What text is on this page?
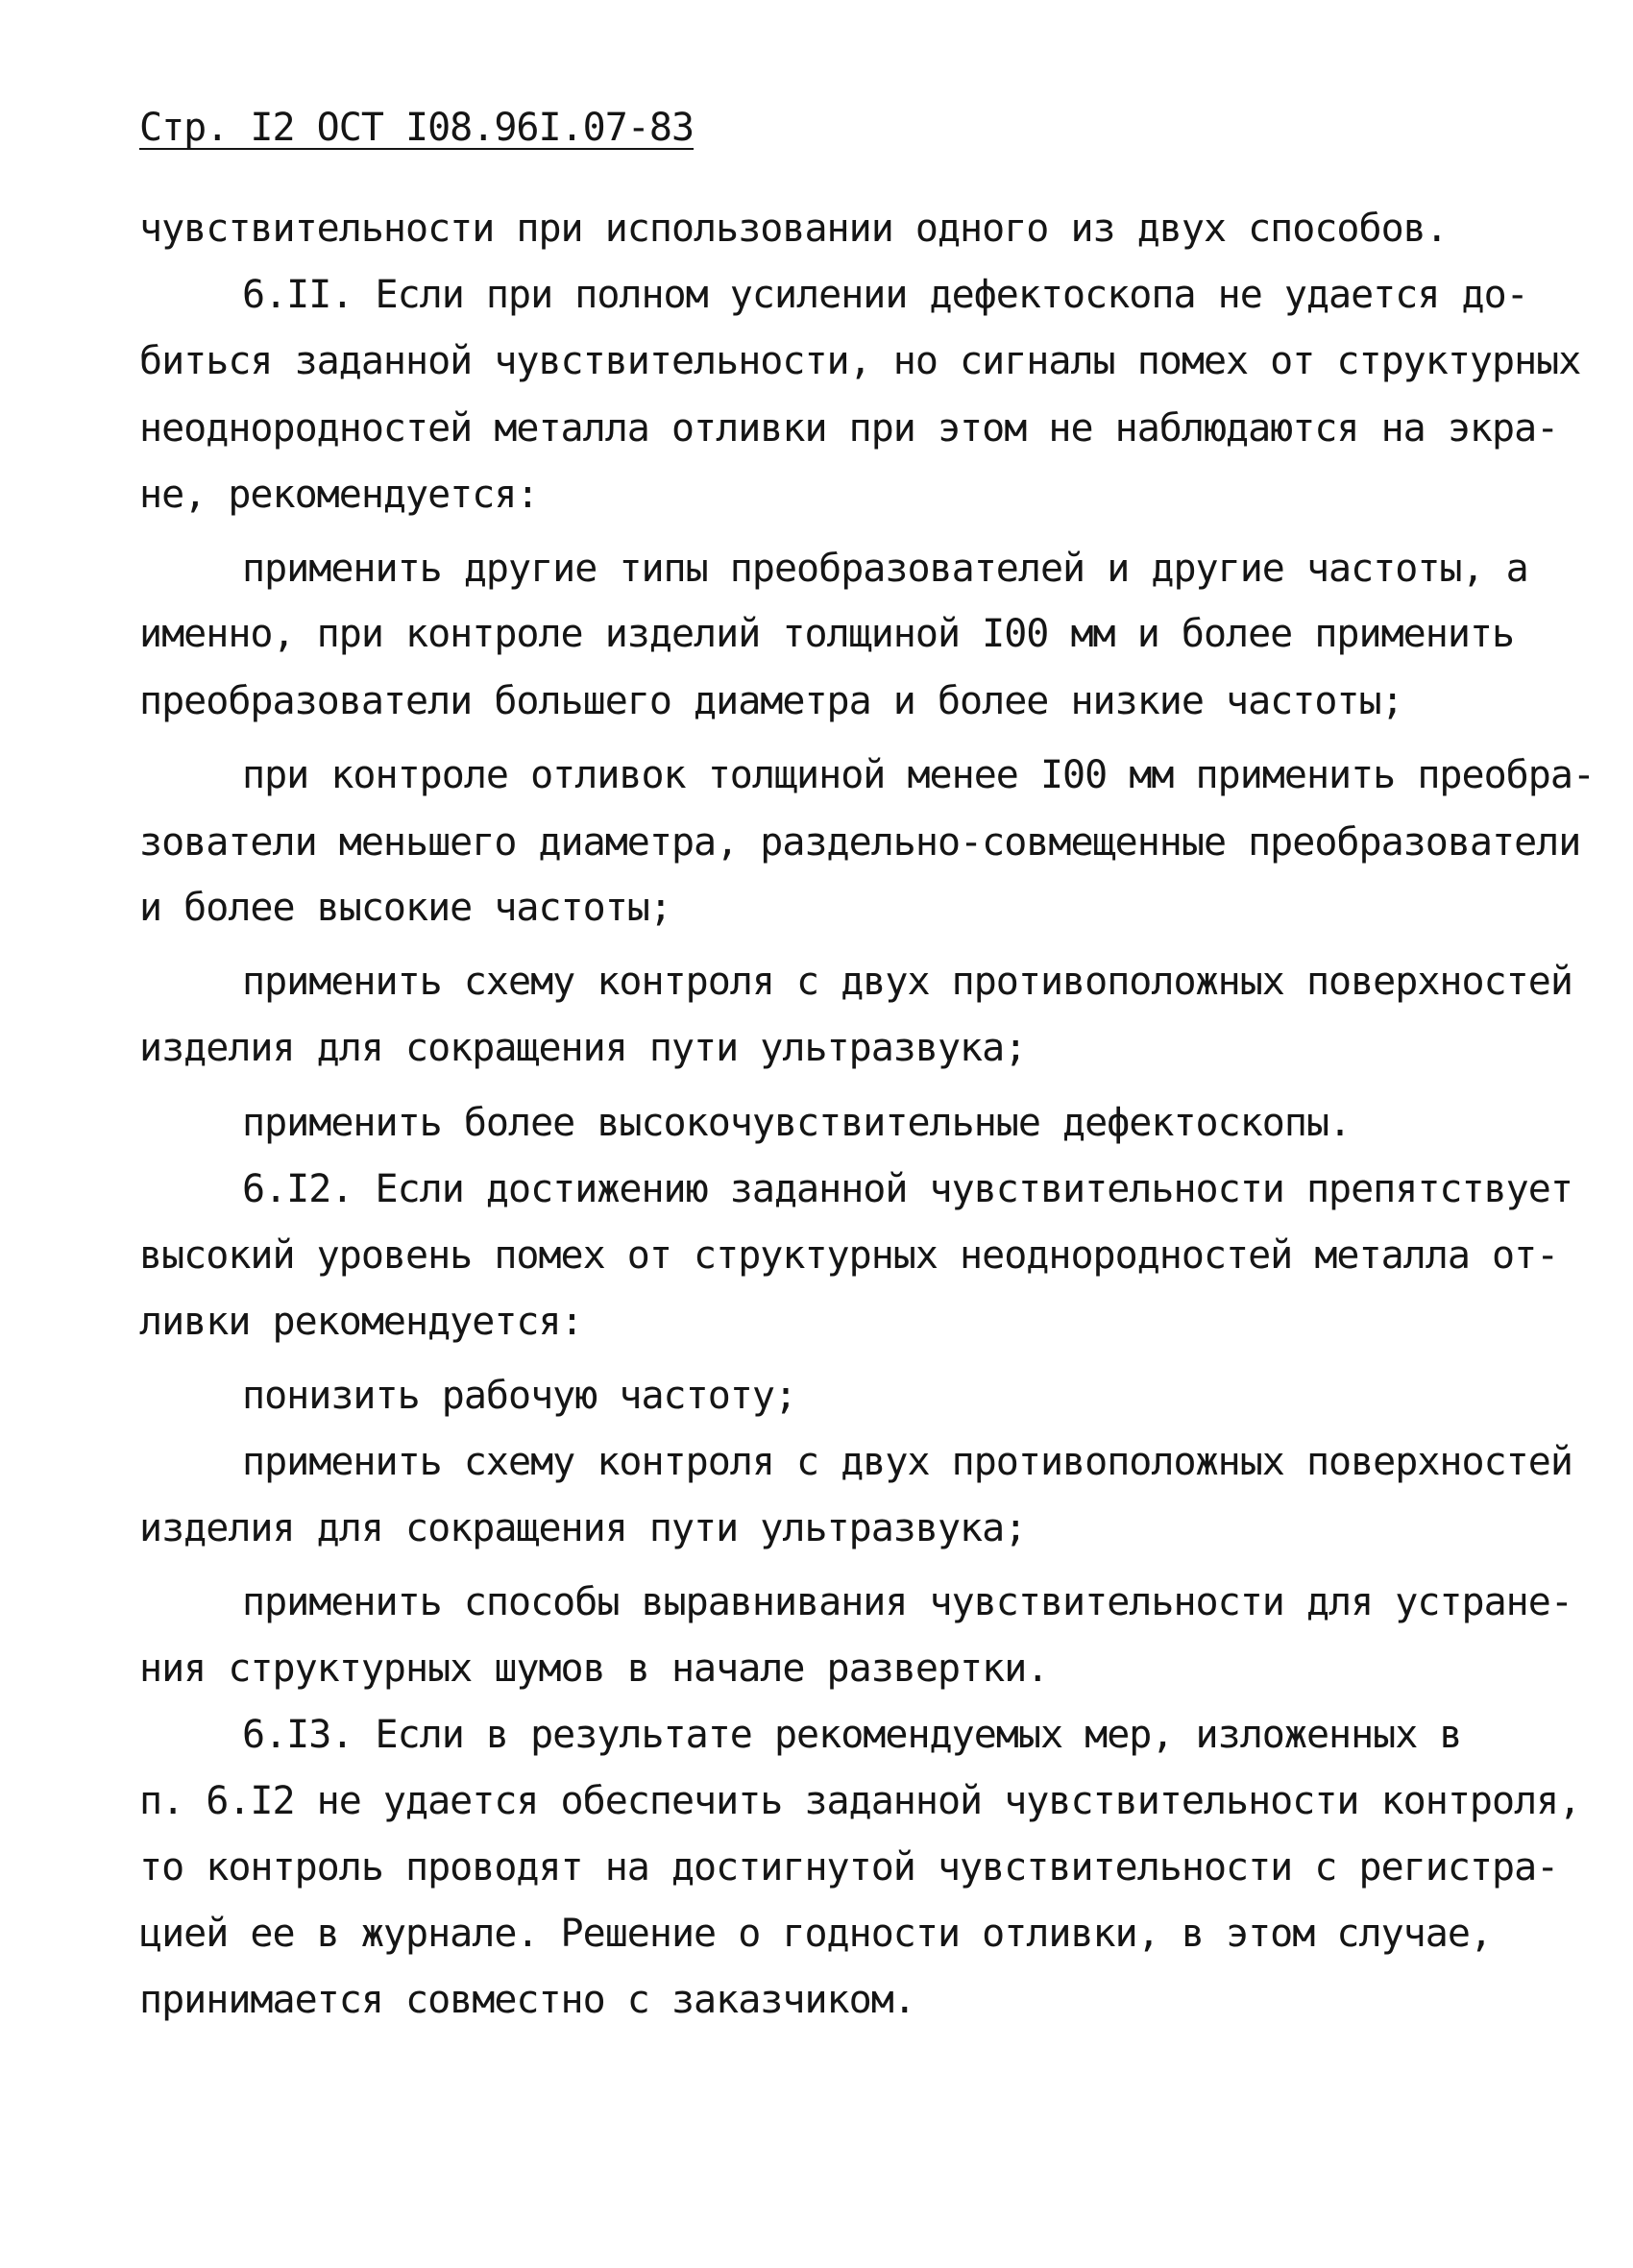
Стр. I2 ОСТ I08.96I.07-83
чувствительности при использовании одного из двух способов.
6.II. Если при полном усилении дефектоскопа не удается до-
биться заданной чувствительности, но сигналы помех от структурных
неоднородностей металла отливки при этом не наблюдаются на экра-
не, рекомендуется:
применить другие типы преобразователей и другие частоты, а
именно, при контроле изделий толщиной I00 мм и более применить
преобразователи большего диаметра и более низкие частоты;
при контроле отливок толщиной менее I00 мм применить преобра-
зователи меньшего диаметра, раздельно-совмещенные преобразователи
и более высокие частоты;
применить схему контроля с двух противоположных поверхностей
изделия для сокращения пути ультразвука;
применить более высокочувствительные дефектоскопы.
6.I2. Если достижению заданной чувствительности препятствует
высокий уровень помех от структурных неоднородностей металла от-
ливки рекомендуется:
понизить рабочую частоту;
применить схему контроля с двух противоположных поверхностей
изделия для сокращения пути ультразвука;
применить способы выравнивания чувствительности для устране-
ния структурных шумов в начале развертки.
6.I3. Если в результате рекомендуемых мер, изложенных в
п. 6.I2 не удается обеспечить заданной чувствительности контроля,
то контроль проводят на достигнутой чувствительности с регистра-
цией ее в журнале. Решение о годности отливки, в этом случае,
принимается совместно с заказчиком.
